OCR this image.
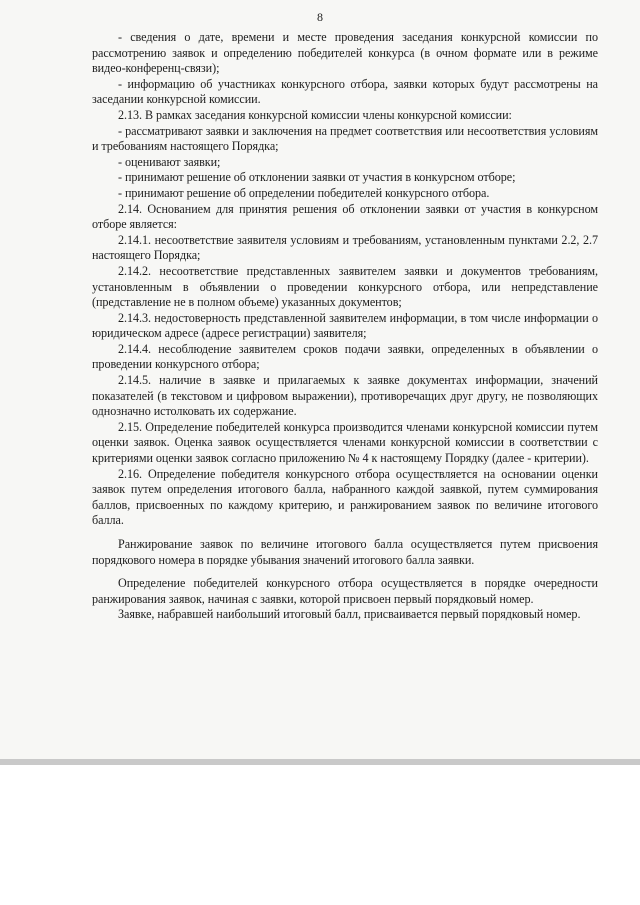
8

- сведения о дате, времени и месте проведения заседания конкурсной комиссии по рассмотрению заявок и определению победителей конкурса (в очном формате или в режиме видео-конференц-связи);

- информацию об участниках конкурсного отбора, заявки которых будут рассмотрены на заседании конкурсной комиссии.

2.13. В рамках заседания конкурсной комиссии члены конкурсной комиссии:

- рассматривают заявки и заключения на предмет соответствия или несоответствия условиям и требованиям настоящего Порядка;

- оценивают заявки;

- принимают решение об отклонении заявки от участия в конкурсном отборе;

- принимают решение об определении победителей конкурсного отбора.

2.14. Основанием для принятия решения об отклонении заявки от участия в конкурсном отборе является:

2.14.1. несоответствие заявителя условиям и требованиям, установленным пунктами 2.2, 2.7 настоящего Порядка;

2.14.2. несоответствие представленных заявителем заявки и документов требованиям, установленным в объявлении о проведении конкурсного отбора, или непредставление (представление не в полном объеме) указанных документов;

2.14.3. недостоверность представленной заявителем информации, в том числе информации о юридическом адресе (адресе регистрации) заявителя;

2.14.4. несоблюдение заявителем сроков подачи заявки, определенных в объявлении о проведении конкурсного отбора;

2.14.5. наличие в заявке и прилагаемых к заявке документах информации, значений показателей (в текстовом и цифровом выражении), противоречащих друг другу, не позволяющих однозначно истолковать их содержание.

2.15. Определение победителей конкурса производится членами конкурсной комиссии путем оценки заявок. Оценка заявок осуществляется членами конкурсной комиссии в соответствии с критериями оценки заявок согласно приложению № 4 к настоящему Порядку (далее - критерии).

2.16. Определение победителя конкурсного отбора осуществляется на основании оценки заявок путем определения итогового балла, набранного каждой заявкой, путем суммирования баллов, присвоенных по каждому критерию, и ранжированием заявок по величине итогового балла.

Ранжирование заявок по величине итогового балла осуществляется путем присвоения порядкового номера в порядке убывания значений итогового балла заявки.

Определение победителей конкурсного отбора осуществляется в порядке очередности ранжирования заявок, начиная с заявки, которой присвоен первый порядковый номер.

Заявке, набравшей наибольший итоговый балл, присваивается первый порядковый номер.
